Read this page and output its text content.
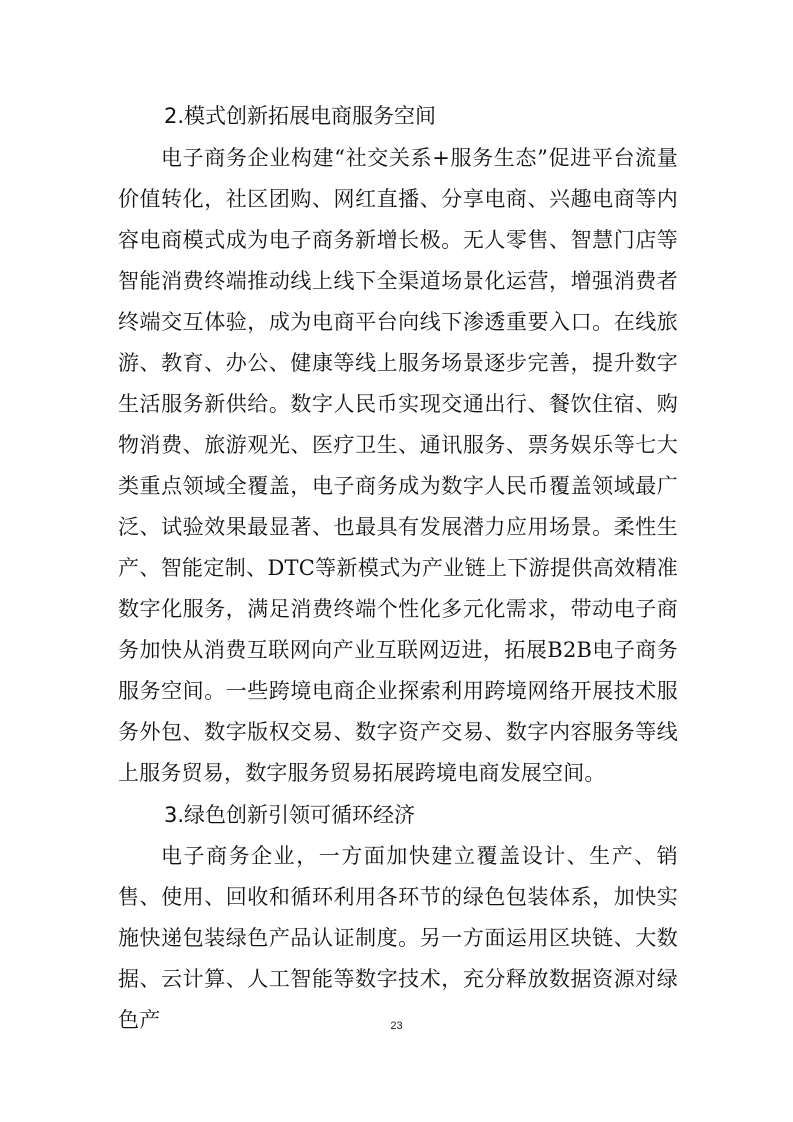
2.模式创新拓展电商服务空间

电子商务企业构建“社交关系+服务生态”促进平台流量价值转化，社区团购、网红直播、分享电商、兴趣电商等内容电商模式成为电子商务新增长极。无人零售、智慧门店等智能消费终端推动线上线下全渠道场景化运营，增强消费者终端交互体验，成为电商平台向线下渗透重要入口。在线旅游、教育、办公、健康等线上服务场景逐步完善，提升数字生活服务新供给。数字人民币实现交通出行、餐饮住宿、购物消费、旅游观光、医疗卫生、通讯服务、票务娱乐等七大类重点领域全覆盖，电子商务成为数字人民币覆盖领域最广泛、试验效果最显著、也最具有发展潜力应用场景。柔性生产、智能定制、DTC等新模式为产业链上下游提供高效精准数字化服务，满足消费终端个性化多元化需求，带动电子商务加快从消费互联网向产业互联网迈进，拓展B2B电子商务服务空间。一些跨境电商企业探索利用跨境网络开展技术服务外包、数字版权交易、数字资产交易、数字内容服务等线上服务贸易，数字服务贸易拓展跨境电商发展空间。

3.绿色创新引领可循环经济

电子商务企业，一方面加快建立覆盖设计、生产、销售、使用、回收和循环利用各环节的绿色包装体系，加快实施快递包装绿色产品认证制度。另一方面运用区块链、大数据、云计算、人工智能等数字技术，充分释放数据资源对绿色产	23
